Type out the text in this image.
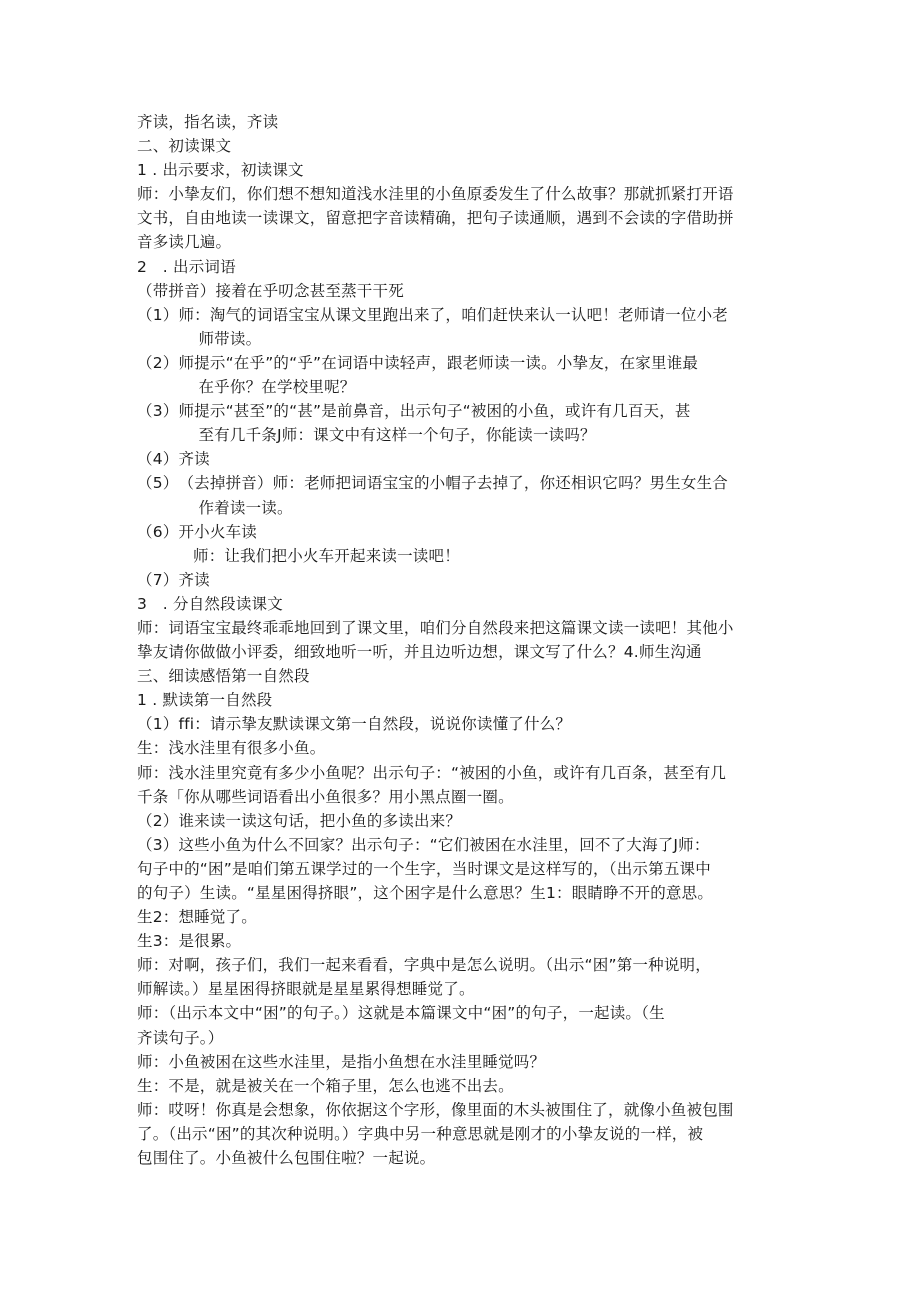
齐读，指名读，齐读
二、初读课文
1 . 出示要求，初读课文
师：小挚友们，你们想不想知道浅水洼里的小鱼原委发生了什么故事？那就抓紧打开语
文书，自由地读一读课文，留意把字音读精确，把句子读通顺，遇到不会读的字借助拼
音多读几遍。
2　. 出示词语
（带拼音）接着在乎叨念甚至蒸干干死
（1） 师：淘气的词语宝宝从课文里跑出来了，咱们赶快来认一认吧！老师请一位小老
师带读。
（2） 师提示“在乎”的“乎”在词语中读轻声，跟老师读一读。小挚友，在家里谁最
在乎你？在学校里呢？
（3） 师提示“甚至”的“甚”是前鼻音，出示句子“被困的小鱼，或许有几百天，甚
至有几千条J师：课文中有这样一个句子，你能读一读吗？
（4） 齐读
（5） （去掉拼音）师：老师把词语宝宝的小帽子去掉了，你还相识它吗？男生女生合
作着读一读。
（6） 开小火车读
师：让我们把小火车开起来读一读吧！
（7） 齐读
3　. 分自然段读课文
师：词语宝宝最终乖乖地回到了课文里，咱们分自然段来把这篇课文读一读吧！其他小
挚友请你做做小评委，细致地听一听，并且边听边想，课文写了什么？4.师生沟通
三、细读感悟第一自然段
1 . 默读第一自然段
（1） ffi：请示挚友默读课文第一自然段，说说你读懂了什么？
生：浅水洼里有很多小鱼。
师：浅水洼里究竟有多少小鱼呢？出示句子：“被困的小鱼，或许有几百条，甚至有几
千条「你从哪些词语看出小鱼很多？用小黑点圈一圈。
（2）谁来读一读这句话，把小鱼的多读出来？
（3）这些小鱼为什么不回家？出示句子：“它们被困在水洼里，回不了大海了J师：
句子中的“困”是咱们第五课学过的一个生字，当时课文是这样写的，（出示第五课中
的句子）生读。“星星困得挤眼”，这个困字是什么意思？生1：眼睛睁不开的意思。
生2：想睡觉了。
生3：是很累。
师：对啊，孩子们，我们一起来看看，字典中是怎么说明。（出示“困”第一种说明，
师解读。）星星困得挤眼就是星星累得想睡觉了。
师：（出示本文中“困”的句子。）这就是本篇课文中“困”的句子，一起读。（生
齐读句子。）
师：小鱼被困在这些水洼里，是指小鱼想在水洼里睡觉吗？
生：不是，就是被关在一个箱子里，怎么也逃不出去。
师：哎呀！你真是会想象，你依据这个字形，像里面的木头被围住了，就像小鱼被包围
了。（出示“困”的其次种说明。）字典中另一种意思就是刚才的小挚友说的一样，被
包围住了。小鱼被什么包围住啦？一起说。
